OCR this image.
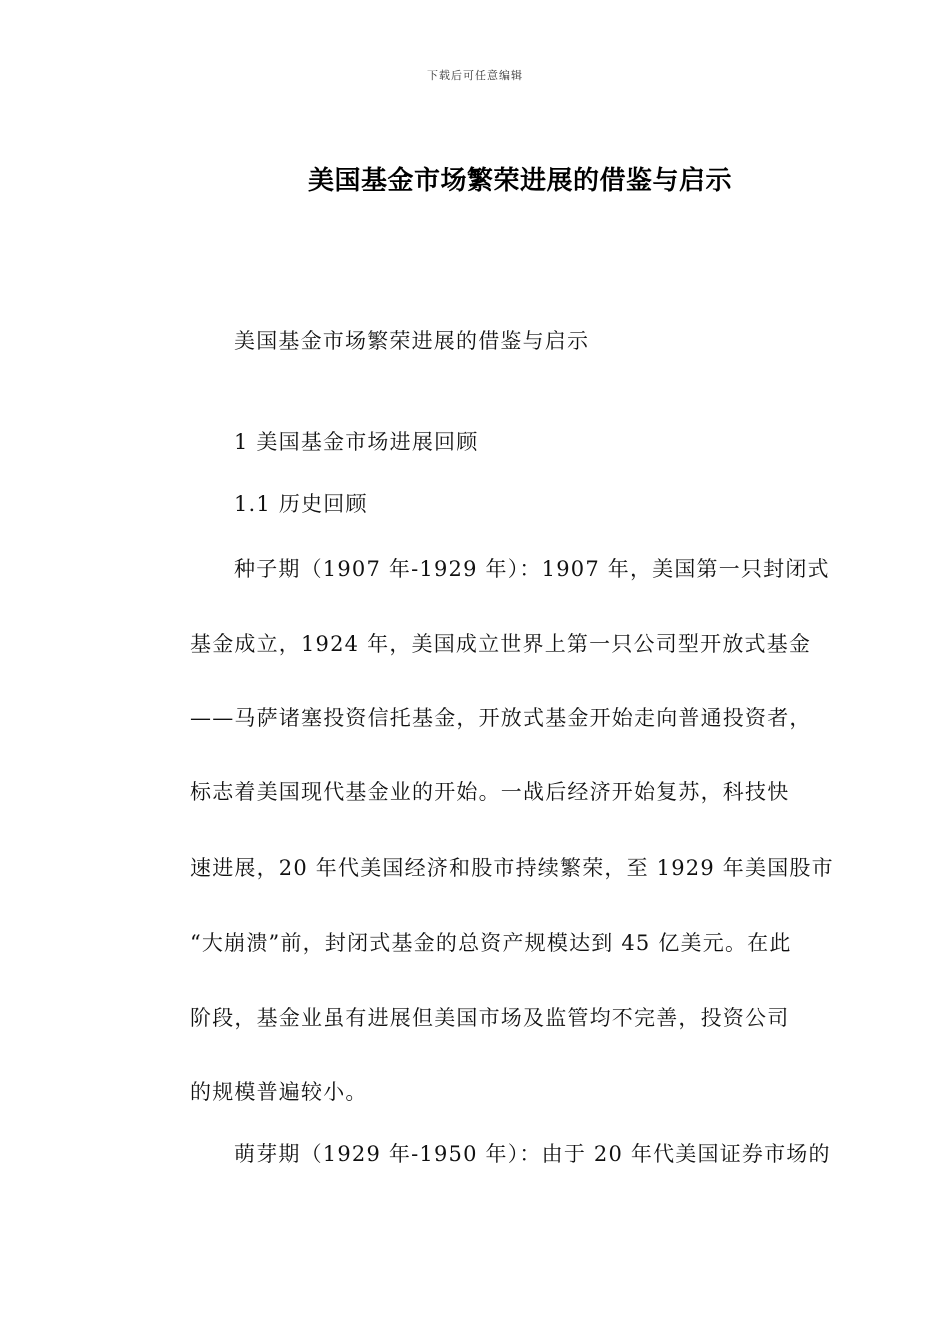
下载后可任意编辑
美国基金市场繁荣进展的借鉴与启示
美国基金市场繁荣进展的借鉴与启示
1 美国基金市场进展回顾
1.1 历史回顾
种子期（1907 年-1929 年）：1907 年，美国第一只封闭式
基金成立，1924 年，美国成立世界上第一只公司型开放式基金
——马萨诸塞投资信托基金，开放式基金开始走向普通投资者，
标志着美国现代基金业的开始。一战后经济开始复苏，科技快
速进展，20 年代美国经济和股市持续繁荣，至 1929 年美国股市
“大崩溃”前，封闭式基金的总资产规模达到 45 亿美元。在此
阶段，基金业虽有进展但美国市场及监管均不完善，投资公司
的规模普遍较小。
萌芽期（1929 年-1950 年）：由于 20 年代美国证券市场的
